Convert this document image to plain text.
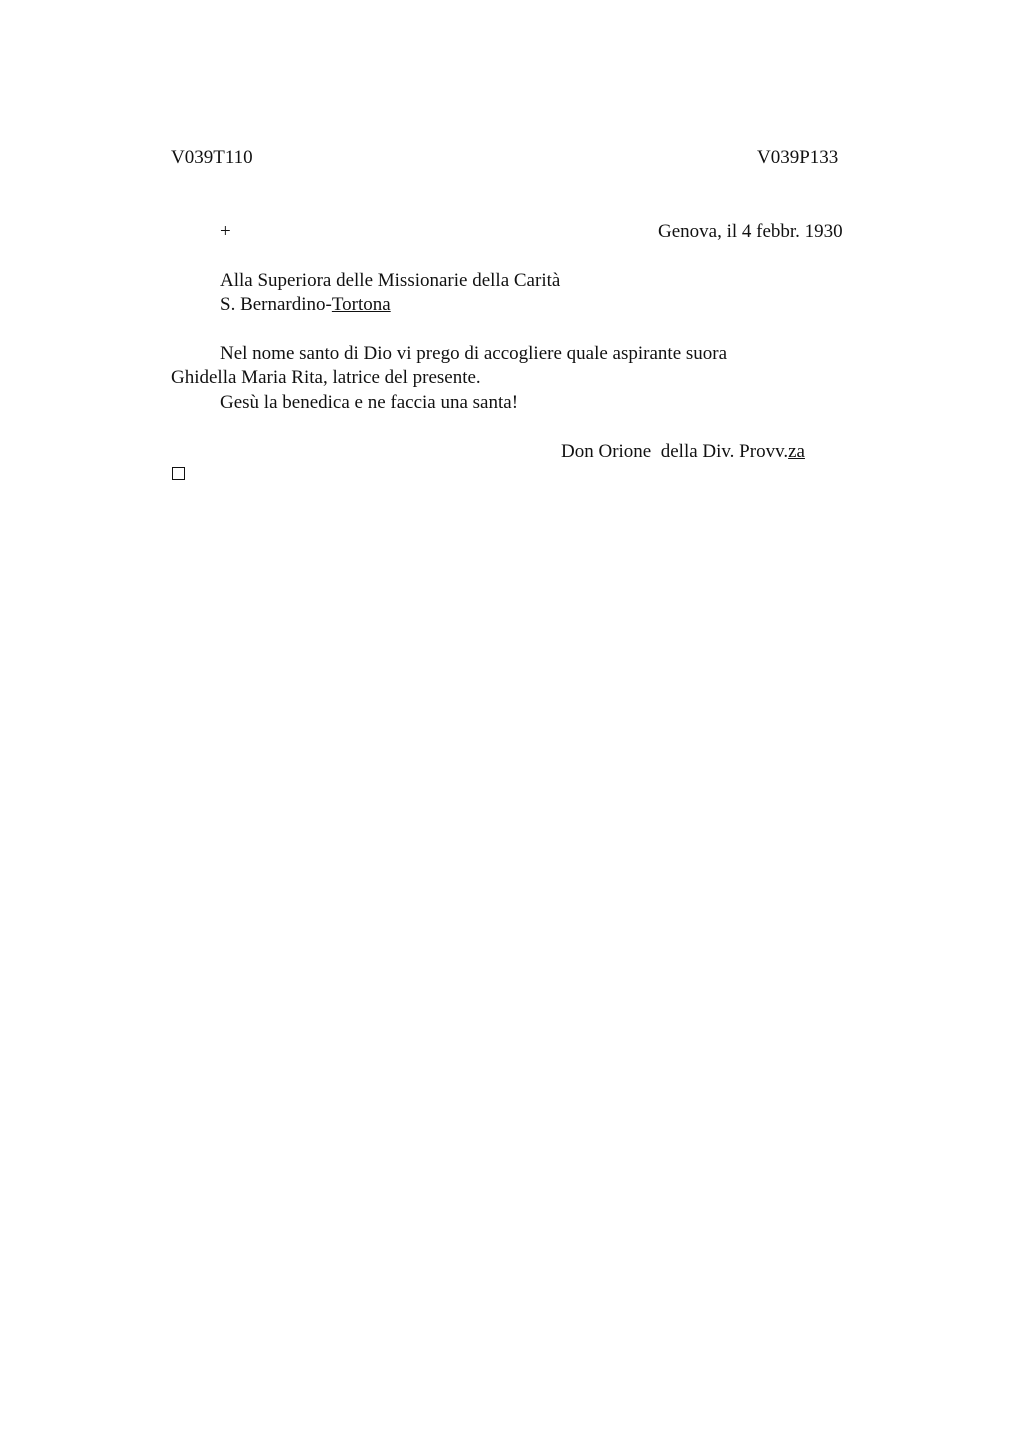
V039T110	V039P133
+	Genova, il 4 febbr. 1930
Alla Superiora delle Missionarie della Carità
S. Bernardino-Tortona
Nel nome santo di Dio vi prego di accogliere quale aspirante suora
Ghidella Maria Rita, latrice del presente.
Gesù la benedica e ne faccia una santa!
Don Orione  della Div. Provv.za
